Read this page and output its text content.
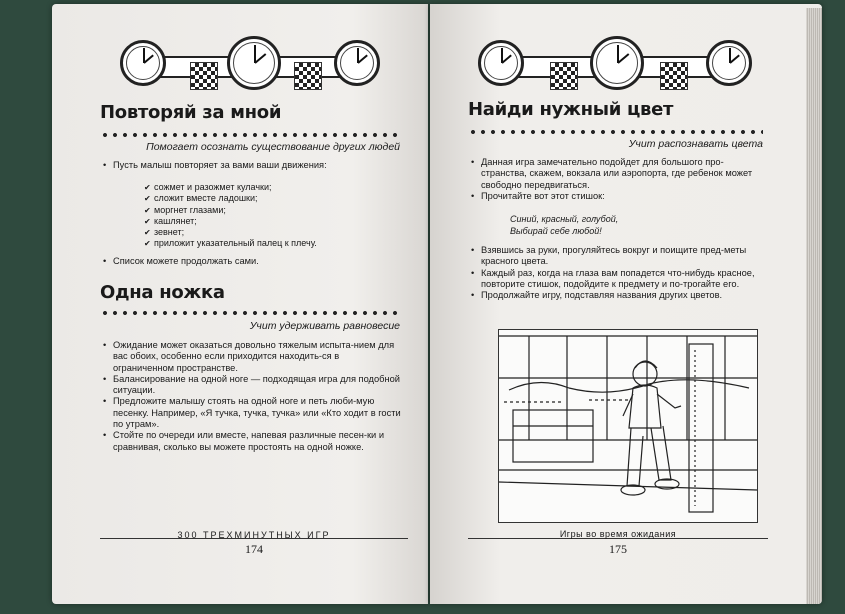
Повторяй за мной
Помогает осознать существование других людей
• Пусть малыш повторяет за вами ваши движения:
✔ сожмет и разожмет кулачки;
✔ сложит вместе ладошки;
✔ моргнет глазами;
✔ кашлянет;
✔ зевнет;
✔ приложит указательный палец к плечу.
• Список можете продолжать сами.
Одна ножка
Учит удерживать равновесие
• Ожидание может оказаться довольно тяжелым испыта-нием для вас обоих, особенно если приходится находить-ся в ограниченном пространстве.
• Балансирование на одной ноге — подходящая игра для подобной ситуации.
• Предложите малышу стоять на одной ноге и петь люби-мую песенку. Например, «Я тучка, тучка, тучка» или «Кто ходит в гости по утрам».
• Стойте по очереди или вместе, напевая различные песен-ки и сравнивая, сколько вы можете простоять на одной ножке.
300 ТРЕХМИНУТНЫХ ИГР
174
Найди нужный цвет
Учит распознавать цвета
• Данная игра замечательно подойдет для большого про-странства, скажем, вокзала или аэропорта, где ребенок может свободно передвигаться.
• Прочитайте вот этот стишок:
Синий, красный, голубой,
Выбирай себе любой!
• Взявшись за руки, прогуляйтесь вокруг и поищите пред-меты красного цвета.
• Каждый раз, когда на глаза вам попадется что-нибудь красное, повторите стишок, подойдите к предмету и по-трогайте его.
• Продолжайте игру, подставляя названия других цветов.
Игры во время ожидания
175
